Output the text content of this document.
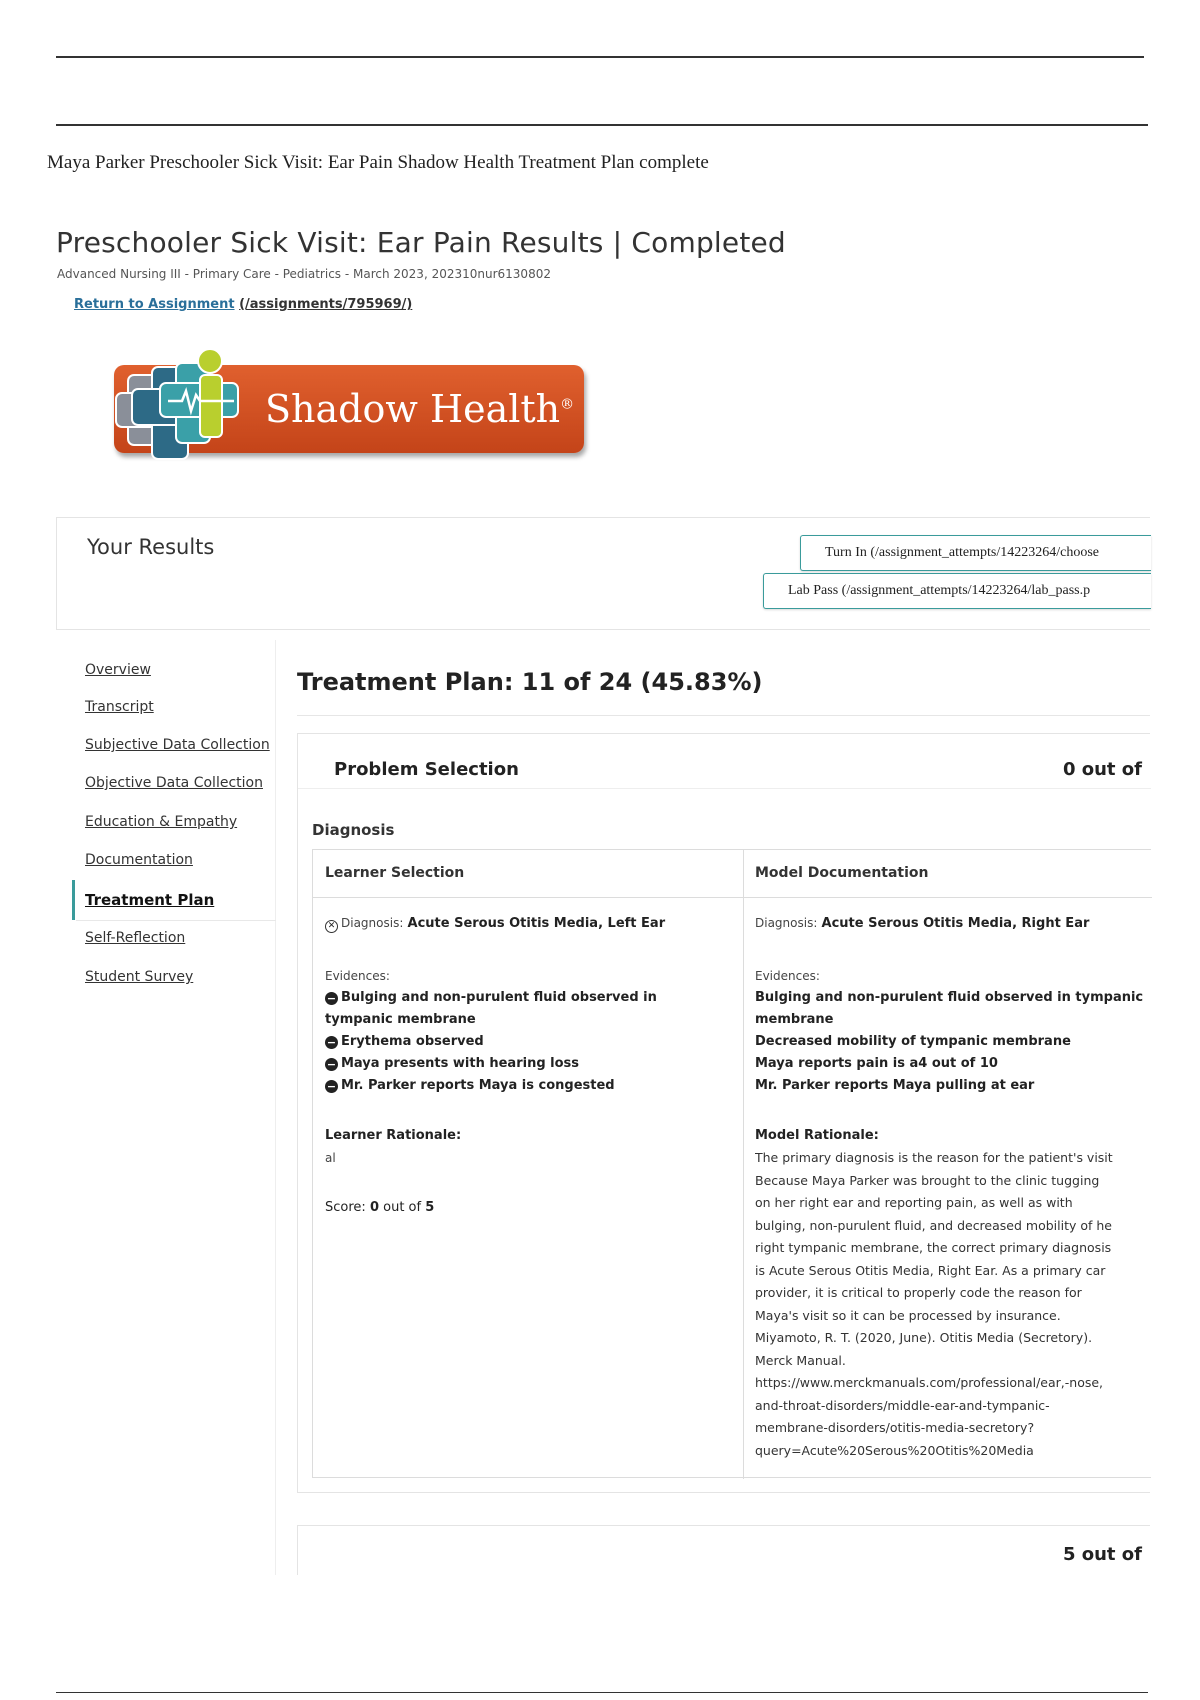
Maya Parker Preschooler Sick Visit: Ear Pain Shadow Health Treatment Plan complete
Preschooler Sick Visit: Ear Pain Results | Completed
Advanced Nursing III - Primary Care - Pediatrics - March 2023, 202310nur6130802
Return to Assignment (/assignments/795969/)
Shadow Health®
Your Results	Turn In (/assignment_attempts/14223264/choose
Lab Pass (/assignment_attempts/14223264/lab_pass.p
Overview
Transcript
Subjective Data Collection
Objective Data Collection
Education & Empathy
Documentation
Treatment Plan
Self-Reflection
Student Survey
Treatment Plan: 11 of 24 (45.83%)
Problem Selection	0 out of
Diagnosis
Learner Selection	Model Documentation
✕ Diagnosis: Acute Serous Otitis Media, Left Ear
Evidences:
− Bulging and non-purulent fluid observed in
tympanic membrane
− Erythema observed
− Maya presents with hearing loss
− Mr. Parker reports Maya is congested
Learner Rationale:
al
Score: 0 out of 5
Diagnosis: Acute Serous Otitis Media, Right Ear
Evidences:
Bulging and non-purulent fluid observed in tympanic
membrane
Decreased mobility of tympanic membrane
Maya reports pain is a4 out of 10
Mr. Parker reports Maya pulling at ear
Model Rationale:
The primary diagnosis is the reason for the patient's visit
Because Maya Parker was brought to the clinic tugging
on her right ear and reporting pain, as well as with
bulging, non-purulent fluid, and decreased mobility of he
right tympanic membrane, the correct primary diagnosis
is Acute Serous Otitis Media, Right Ear. As a primary car
provider, it is critical to properly code the reason for
Maya's visit so it can be processed by insurance.
Miyamoto, R. T. (2020, June). Otitis Media (Secretory).
Merck Manual.
https://www.merckmanuals.com/professional/ear,-nose,
and-throat-disorders/middle-ear-and-tympanic-
membrane-disorders/otitis-media-secretory?
query=Acute%20Serous%20Otitis%20Media
5 out of
